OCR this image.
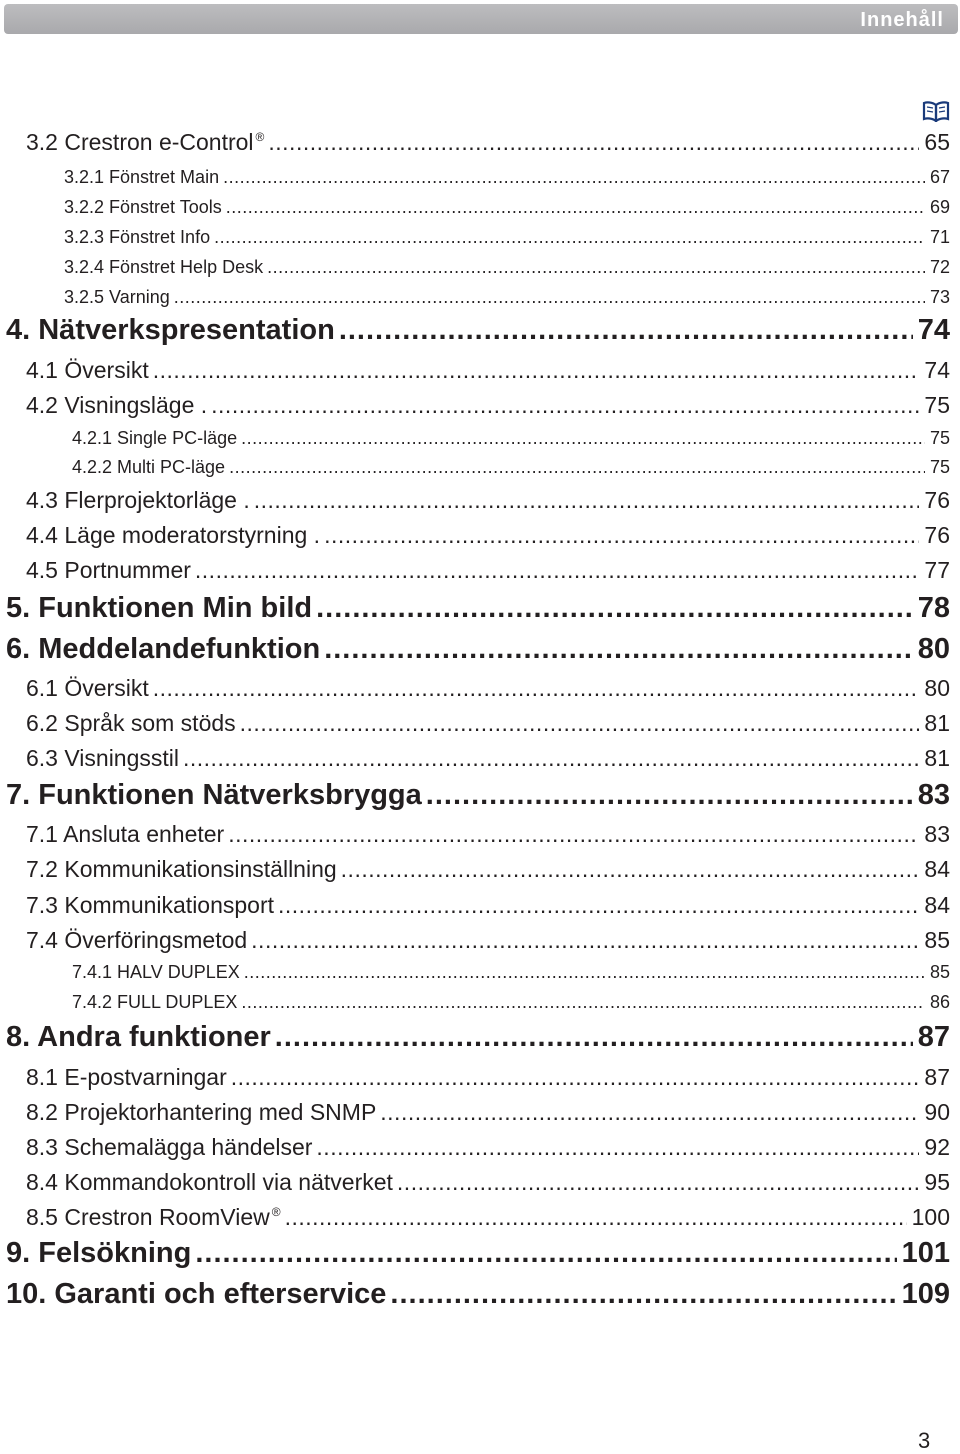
Innehåll
3.2 Crestron e-Control ® .....	65
3.2.1 Fönstret Main .....	67
3.2.2 Fönstret Tools .....	69
3.2.3 Fönstret Info .....	71
3.2.4 Fönstret Help Desk .....	72
3.2.5 Varning .....	73
4. Nätverkspresentation .....	74
4.1 Översikt .....	74
4.2 Visningsläge . .....	75
4.2.1 Single PC-läge .....	75
4.2.2 Multi PC-läge .....	75
4.3 Flerprojektorläge . .....	76
4.4 Läge moderatorstyrning . .....	76
4.5 Portnummer .....	77
5. Funktionen Min bild .....	78
6. Meddelandefunktion .....	80
6.1 Översikt .....	80
6.2 Språk som stöds .....	81
6.3 Visningsstil .....	81
7. Funktionen Nätverksbrygga .....	83
7.1 Ansluta enheter .....	83
7.2 Kommunikationsinställning .....	84
7.3 Kommunikationsport .....	84
7.4 Överföringsmetod .....	85
7.4.1 HALV DUPLEX .....	85
7.4.2 FULL DUPLEX .....	86
8. Andra funktioner .....	87
8.1 E-postvarningar .....	87
8.2 Projektorhantering med SNMP .....	90
8.3 Schemalägga händelser .....	92
8.4 Kommandokontroll via nätverket .....	95
8.5 Crestron RoomView ® .....	100
9. Felsökning .....	101
10. Garanti och efterservice .....	109
3
